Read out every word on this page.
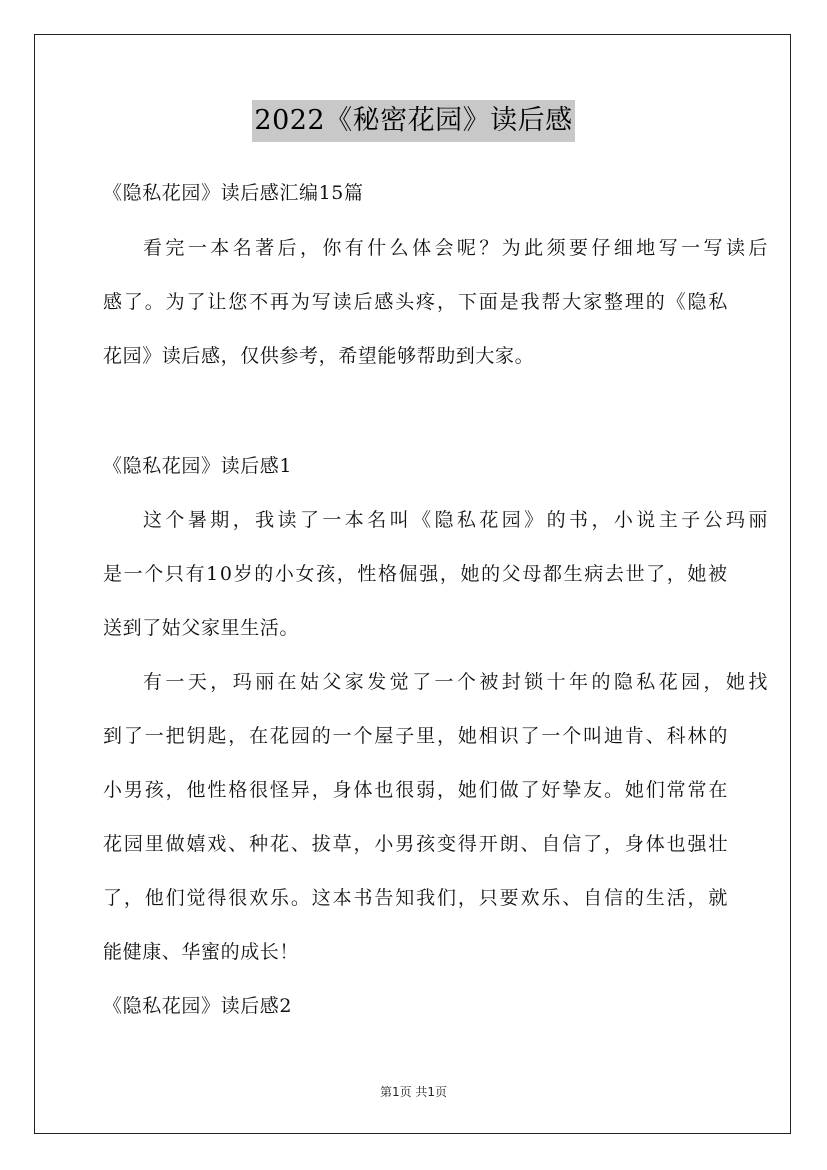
2022《秘密花园》读后感
《隐私花园》读后感汇编15篇
看 完 一 本 名 著 后 ， 你 有 什 么 体 会 呢 ？ 为 此 须 要 仔 细 地 写 一 写 读 后
感 了 。 为 了 让 您 不 再 为 写 读 后 感 头 疼 ， 下 面 是 我 帮 大 家 整 理 的 《 隐 私
花园》读后感，仅供参考，希望能够帮助到大家。
《隐私花园》读后感1
这 个 暑 期 ， 我 读 了 一 本 名 叫 《 隐 私 花 园 》 的 书 ， 小 说 主 子 公 玛 丽
是 一 个 只 有 1 0 岁 的 小 女 孩 ， 性 格 倔 强 ， 她 的 父 母 都 生 病 去 世 了 ， 她 被
送到了姑父家里生活。
有 一 天 ， 玛 丽 在 姑 父 家 发 觉 了 一 个 被 封 锁 十 年 的 隐 私 花 园 ， 她 找
到 了 一 把 钥 匙 ， 在 花 园 的 一 个 屋 子 里 ， 她 相 识 了 一 个 叫 迪 肯 、 科 林 的
小 男 孩 ， 他 性 格 很 怪 异 ， 身 体 也 很 弱 ， 她 们 做 了 好 挚 友 。 她 们 常 常 在
花 园 里 做 嬉 戏 、 种 花 、 拔 草 ， 小 男 孩 变 得 开 朗 、 自 信 了 ， 身 体 也 强 壮
了 ， 他 们 觉 得 很 欢 乐 。 这 本 书 告 知 我 们 ， 只 要 欢 乐 、 自 信 的 生 活 ， 就
能健康、华蜜的成长！
《隐私花园》读后感2
第1页 共1页
